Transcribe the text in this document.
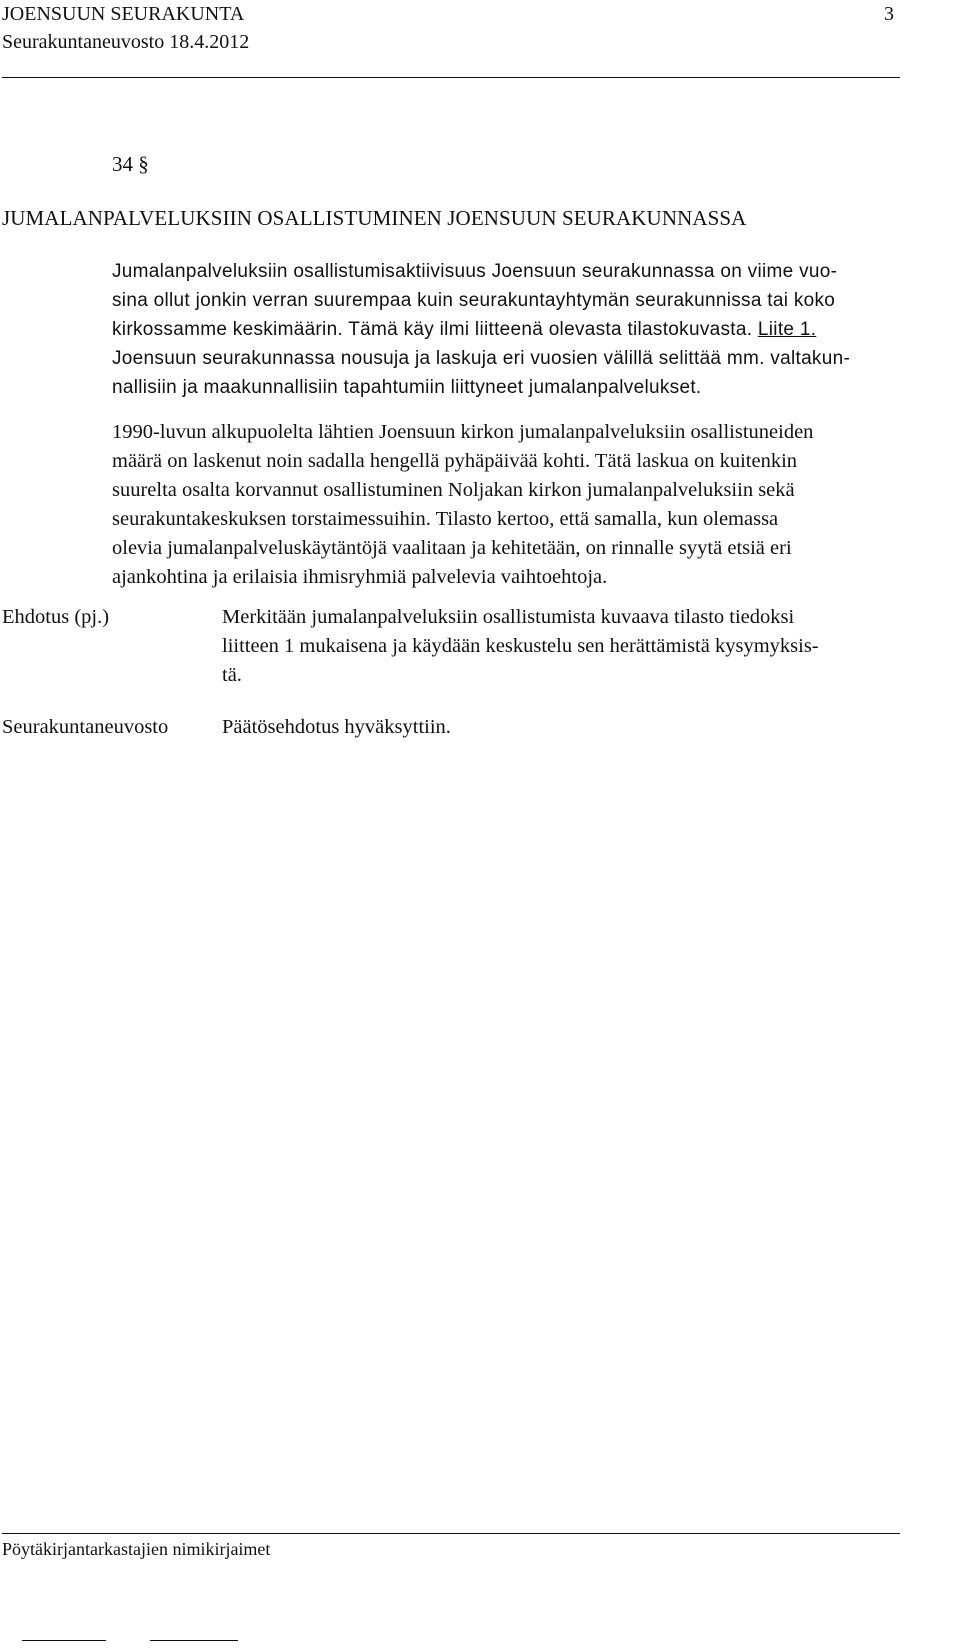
JOENSUUN SEURAKUNTA	3
Seurakuntaneuvosto 18.4.2012
34 §
JUMALANPALVELUKSIIN OSALLISTUMINEN JOENSUUN SEURAKUNNASSA
Jumalanpalveluksiin osallistumisaktiivisuus Joensuun seurakunnassa on viime vuo-
sina ollut jonkin verran suurempaa kuin seurakuntayhtymän seurakunnissa tai koko
kirkossamme keskimäärin. Tämä käy ilmi liitteenä olevasta tilastokuvasta. Liite 1.
Joensuun seurakunnassa nousuja ja laskuja eri vuosien välillä selittää mm. valtakun-
nallisiin ja maakunnallisiin tapahtumiin liittyneet jumalanpalvelukset.
1990-luvun alkupuolelta lähtien Joensuun kirkon jumalanpalveluksiin osallistuneiden
määrä on laskenut noin sadalla hengellä pyhäpäivää kohti. Tätä laskua on kuitenkin
suurelta osalta korvannut osallistuminen Noljakan kirkon jumalanpalveluksiin sekä
seurakuntakeskuksen torstaimessuihin. Tilasto kertoo, että samalla, kun olemassa
olevia jumalanpalveluskäytäntöjä vaalitaan ja kehitetään, on rinnalle syytä etsiä eri
ajankohtina ja erilaisia ihmisryhmiä palvelevia vaihtoehtoja.
Ehdotus (pj.)	Merkitään jumalanpalveluksiin osallistumista kuvaava tilasto tiedoksi
liitteen 1 mukaisena ja käydään keskustelu sen herättämistä kysymyksis-
tä.
Seurakuntaneuvosto	Päätösehdotus hyväksyttiin.
Pöytäkirjantarkastajien nimikirjaimet
